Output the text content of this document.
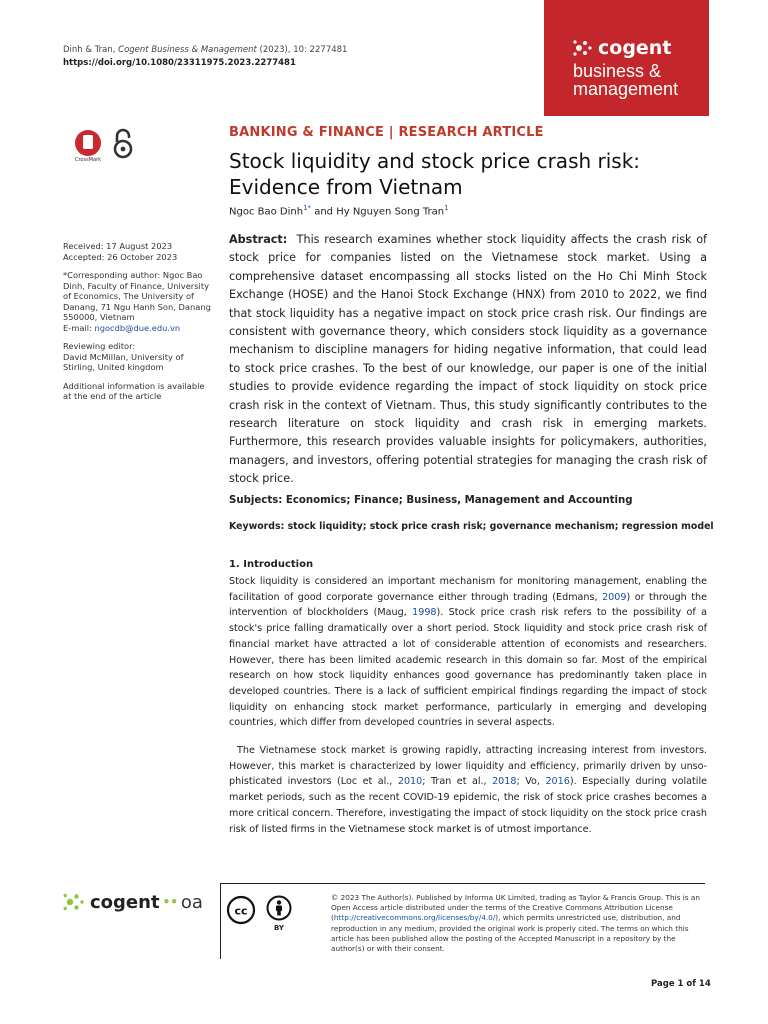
Dinh & Tran, Cogent Business & Management (2023), 10: 2277481
https://doi.org/10.1080/23311975.2023.2277481
cogent
business &
management
CrossMark

Received: 17 August 2023
Accepted: 26 October 2023

*Corresponding author: Ngoc Bao Dinh, Faculty of Finance, University of Economics, The University of Danang, 71 Ngu Hanh Son, Danang 550000, Vietnam
E-mail: ngocdb@due.edu.vn

Reviewing editor:
David McMillan, University of Stirling, United kingdom

Additional information is available at the end of the article

BANKING & FINANCE | RESEARCH ARTICLE
Stock liquidity and stock price crash risk: Evidence from Vietnam
Ngoc Bao Dinh$^{1*}$ and Hy Nguyen Song Tran$^1$

Abstract: This research examines whether stock liquidity affects the crash risk of stock price for companies listed on the Vietnamese stock market. Using a comprehensive dataset encompassing all stocks listed on the Ho Chi Minh Stock Exchange (HOSE) and the Hanoi Stock Exchange (HNX) from 2010 to 2022, we find that stock liquidity has a negative impact on stock price crash risk. Our findings are consistent with governance theory, which considers stock liquidity as a governance mechanism to discipline managers for hiding negative information, that could lead to stock price crashes. To the best of our knowledge, our paper is one of the initial studies to provide evidence regarding the impact of stock liquidity on stock price crash risk in the context of Vietnam. Thus, this study significantly contributes to the research literature on stock liquidity and crash risk in emerging markets. Furthermore, this research provides valuable insights for policymakers, authorities, managers, and investors, offering potential strategies for managing the crash risk of stock price.

Subjects: Economics; Finance; Business, Management and Accounting
Keywords: stock liquidity; stock price crash risk; governance mechanism; regression model
1. Introduction

Stock liquidity is considered an important mechanism for monitoring management, enabling the facilitation of good corporate governance either through trading (Edmans, 2009) or through the intervention of blockholders (Maug, 1998). Stock price crash risk refers to the possibility of a stock's price falling dramatically over a short period. Stock liquidity and stock price crash risk of financial market have attracted a lot of considerable attention of economists and researchers. However, there has been limited academic research in this domain so far. Most of the empirical research on how stock liquidity enhances good governance has predominantly taken place in developed countries. There is a lack of sufficient empirical findings regarding the impact of stock liquidity on enhancing stock market performance, particularly in emerging and developing countries, which differ from developed countries in several aspects.

The Vietnamese stock market is growing rapidly, attracting increasing interest from investors. However, this market is characterized by lower liquidity and efficiency, primarily driven by unsophisticated investors (Loc et al., 2010; Tran et al., 2018; Vo, 2016). Especially during volatile market periods, such as the recent COVID-19 epidemic, the risk of stock price crashes becomes a more critical concern. Therefore, investigating the impact of stock liquidity on the stock price crash risk of listed firms in the Vietnamese stock market is of utmost importance.

cogent •• oa	cc
BY
© 2023 The Author(s). Published by Informa UK Limited, trading as Taylor & Francis Group. This is an Open Access article distributed under the terms of the Creative Commons Attribution License (http://creativecommons.org/licenses/by/4.0/), which permits unrestricted use, distribution, and reproduction in any medium, provided the original work is properly cited. The terms on which this article has been published allow the posting of the Accepted Manuscript in a repository by the author(s) or with their consent.
Page 1 of 14
